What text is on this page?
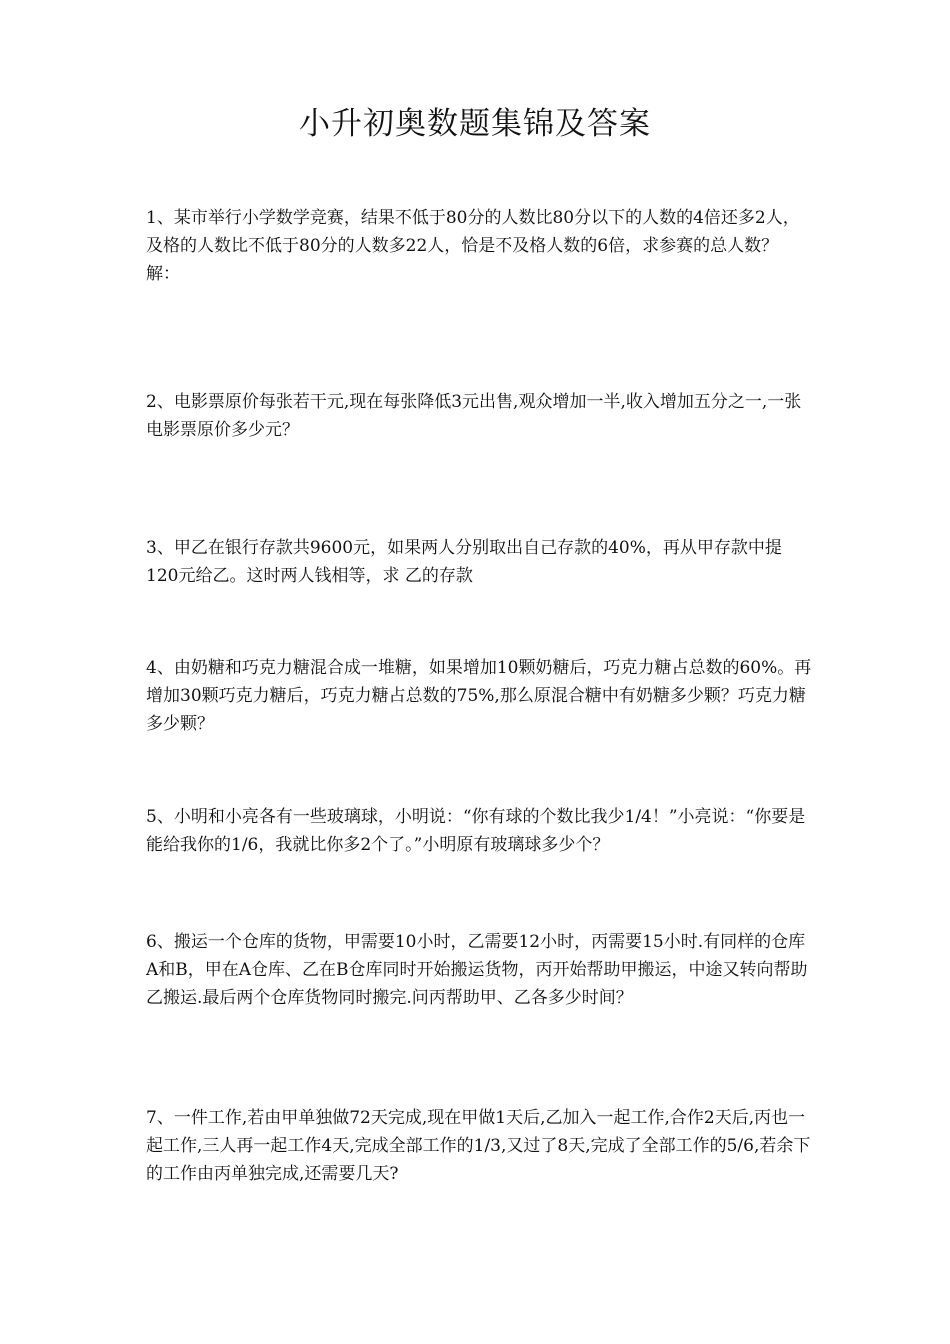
小升初奥数题集锦及答案

1、某市举行小学数学竞赛，结果不低于80分的人数比80分以下的人数的4倍还多2人，及格的人数比不低于80分的人数多22人，恰是不及格人数的6倍，求参赛的总人数？

解：

2、电影票原价每张若干元,现在每张降低3元出售,观众增加一半,收入增加五分之一,一张电影票原价多少元？

3、甲乙在银行存款共9600元，如果两人分别取出自己存款的40%，再从甲存款中提120元给乙。这时两人钱相等，求 乙的存款

4、由奶糖和巧克力糖混合成一堆糖，如果增加10颗奶糖后，巧克力糖占总数的60%。再增加30颗巧克力糖后，巧克力糖占总数的75%,那么原混合糖中有奶糖多少颗？巧克力糖多少颗？

5、小明和小亮各有一些玻璃球，小明说：“你有球的个数比我少1/4！”小亮说：“你要是能给我你的1/6，我就比你多2个了。”小明原有玻璃球多少个？

6、搬运一个仓库的货物，甲需要10小时，乙需要12小时，丙需要15小时.有同样的仓库A和B，甲在A仓库、乙在B仓库同时开始搬运货物，丙开始帮助甲搬运，中途又转向帮助乙搬运.最后两个仓库货物同时搬完.问丙帮助甲、乙各多少时间？

7、一件工作,若由甲单独做72天完成,现在甲做1天后,乙加入一起工作,合作2天后,丙也一起工作,三人再一起工作4天,完成全部工作的1/3,又过了8天,完成了全部工作的5/6,若余下的工作由丙单独完成,还需要几天?
